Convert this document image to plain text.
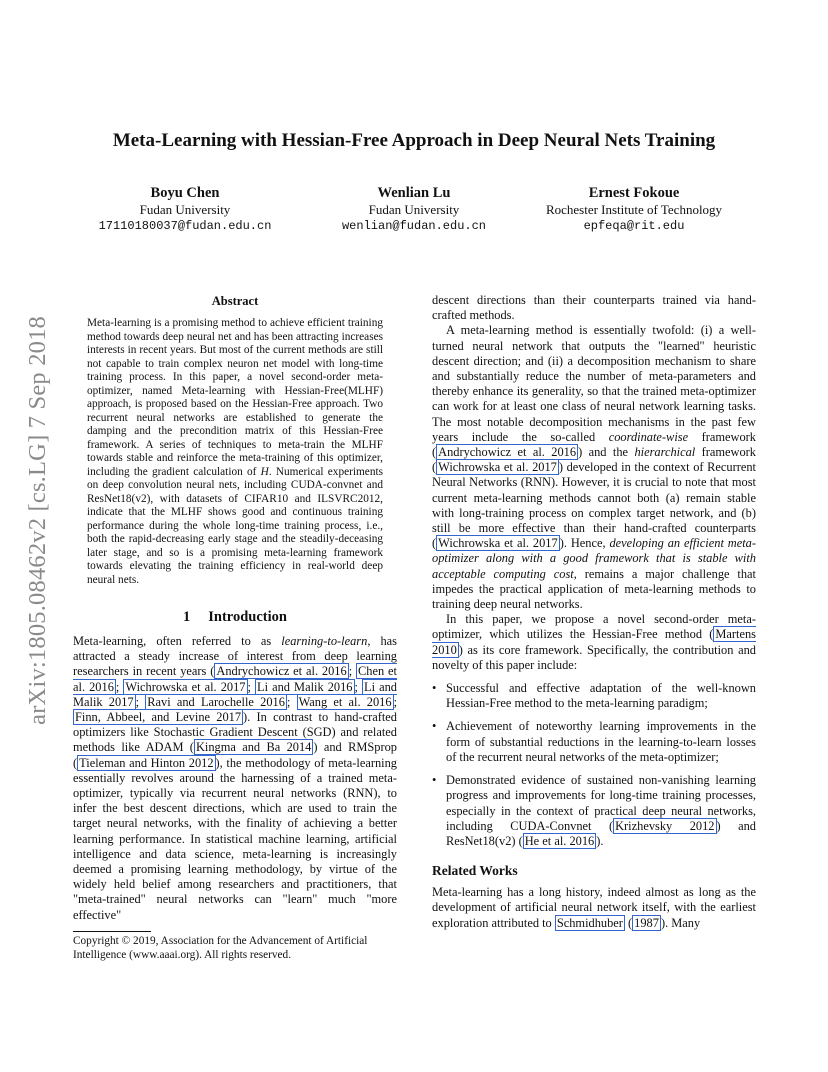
arXiv:1805.08462v2 [cs.LG] 7 Sep 2018
Meta-Learning with Hessian-Free Approach in Deep Neural Nets Training
Boyu Chen
Fudan University
17110180037@fudan.edu.cn
Wenlian Lu
Fudan University
wenlian@fudan.edu.cn
Ernest Fokoue
Rochester Institute of Technology
epfeqa@rit.edu
Abstract
Meta-learning is a promising method to achieve efficient training method towards deep neural net and has been attracting increases interests in recent years. But most of the current methods are still not capable to train complex neuron net model with long-time training process. In this paper, a novel second-order meta-optimizer, named Meta-learning with Hessian-Free(MLHF) approach, is proposed based on the Hessian-Free approach. Two recurrent neural networks are established to generate the damping and the precondition matrix of this Hessian-Free framework. A series of techniques to meta-train the MLHF towards stable and reinforce the meta-training of this optimizer, including the gradient calculation of H. Numerical experiments on deep convolution neural nets, including CUDA-convnet and ResNet18(v2), with datasets of CIFAR10 and ILSVRC2012, indicate that the MLHF shows good and continuous training performance during the whole long-time training process, i.e., both the rapid-decreasing early stage and the steadily-deceasing later stage, and so is a promising meta-learning framework towards elevating the training efficiency in real-world deep neural nets.
1 Introduction

Meta-learning, often referred to as learning-to-learn, has attracted a steady increase of interest from deep learning researchers in recent years ( Andrychowicz et al. 2016 ; Chen et al. 2016 ; Wichrowska et al. 2017 ; Li and Malik 2016 ; Li and Malik 2017 ; Ravi and Larochelle 2016 ; Wang et al. 2016 ; Finn, Abbeel, and Levine 2017 ). In contrast to hand-crafted optimizers like Stochastic Gradient Descent (SGD) and related methods like ADAM ( Kingma and Ba 2014 ) and RMSprop ( Tieleman and Hinton 2012 ), the methodology of meta-learning essentially revolves around the harnessing of a trained meta-optimizer, typically via recurrent neural networks (RNN), to infer the best descent directions, which are used to train the target neural networks, with the finality of achieving a better learning performance. In statistical machine learning, artificial intelligence and data science, meta-learning is increasingly deemed a promising learning methodology, by virtue of the widely held belief among researchers and practitioners, that "meta-trained" neural networks can "learn" much "more effective"

Copyright © 2019, Association for the Advancement of Artificial Intelligence (www.aaai.org). All rights reserved.

descent directions than their counterparts trained via hand-crafted methods.

A meta-learning method is essentially twofold: (i) a well-turned neural network that outputs the "learned" heuristic descent direction; and (ii) a decomposition mechanism to share and substantially reduce the number of meta-parameters and thereby enhance its generality, so that the trained meta-optimizer can work for at least one class of neural network learning tasks. The most notable decomposition mechanisms in the past few years include the so-called coordinate-wise framework ( Andrychowicz et al. 2016 ) and the hierarchical framework ( Wichrowska et al. 2017 ) developed in the context of Recurrent Neural Networks (RNN). However, it is crucial to note that most current meta-learning methods cannot both (a) remain stable with long-training process on complex target network, and (b) still be more effective than their hand-crafted counterparts ( Wichrowska et al. 2017 ). Hence, developing an efficient meta-optimizer along with a good framework that is stable with acceptable computing cost, remains a major challenge that impedes the practical application of meta-learning methods to training deep neural networks.

In this paper, we propose a novel second-order meta-optimizer, which utilizes the Hessian-Free method ( Martens 2010 ) as its core framework. Specifically, the contribution and novelty of this paper include:

• Successful and effective adaptation of the well-known Hessian-Free method to the meta-learning paradigm;
• Achievement of noteworthy learning improvements in the form of substantial reductions in the learning-to-learn losses of the recurrent neural networks of the meta-optimizer;
• Demonstrated evidence of sustained non-vanishing learning progress and improvements for long-time training processes, especially in the context of practical deep neural networks, including CUDA-Convnet ( Krizhevsky 2012 ) and ResNet18(v2) ( He et al. 2016 ).
Related Works

Meta-learning has a long history, indeed almost as long as the development of artificial neural network itself, with the earliest exploration attributed to Schmidhuber ( 1987 ). Many
